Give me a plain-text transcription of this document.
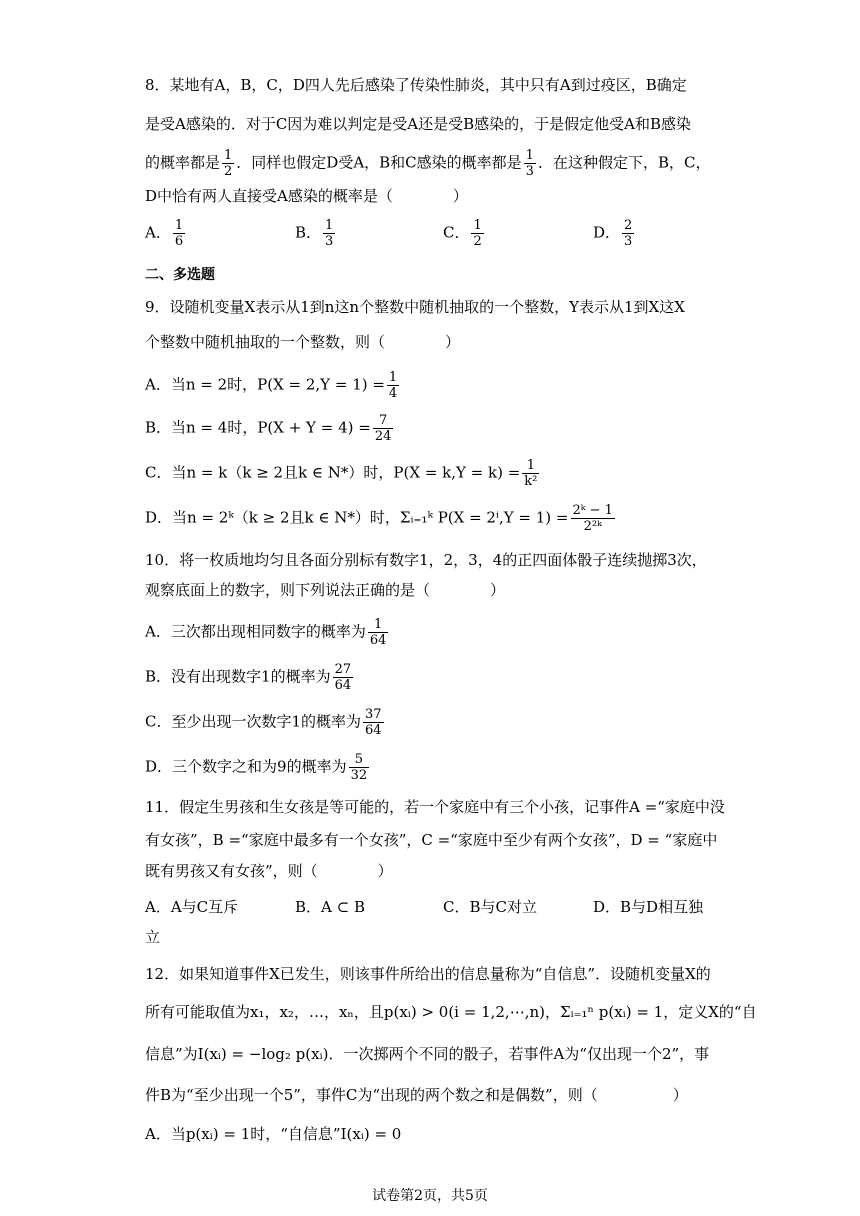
8．某地有A，B，C，D四人先后感染了传染性肺炎，其中只有A到过疫区，B确定
是受A感染的．对于C因为难以判定是受A还是受B感染的，于是假定他受A和B感染
的概率都是 $\frac{1}{2}$ ．同样也假定D受A，B和C感染的概率都是 $\frac{1}{3}$ ．在这种假定下，B，C，
D中恰有两人直接受A感染的概率是（　　　　）
A． $\frac{1}{6}$	B． $\frac{1}{3}$	C． $\frac{1}{2}$	D． $\frac{2}{3}$
二、多选题
9．设随机变量X表示从1到n这n个整数中随机抽取的一个整数，Y表示从1到X这X
个整数中随机抽取的一个整数，则（　　　　）
A．当n = 2时，$P(X = 2,Y = 1) = \frac{1}{4}$
B．当n = 4时，$P(X + Y = 4) = \frac{7}{24}$
C．当n = k（k ≥ 2且k ∈ N*）时，$P(X = k,Y = k) = \frac{1}{\text{k²}}$
D．当n = 2ᵏ（k ≥ 2且k ∈ N*）时，Σᵢ₌₁ᵏ $P(X = 2^i,Y = 1) = \frac{\text{2ᵏ − 1}}{\text{2²ᵏ}}$
10．将一枚质地均匀且各面分别标有数字1，2，3，4的正四面体骰子连续抛掷3次，
观察底面上的数字，则下列说法正确的是（　　　　）
A．三次都出现相同数字的概率为 $\frac{1}{64}$
B．没有出现数字1的概率为 $\frac{27}{64}$
C．至少出现一次数字1的概率为 $\frac{37}{64}$
D．三个数字之和为9的概率为 $\frac{5}{32}$
11．假定生男孩和生女孩是等可能的，若一个家庭中有三个小孩，记事件A =“家庭中没
有女孩”，B =“家庭中最多有一个女孩”，C =“家庭中至少有两个女孩”，D = “家庭中
既有男孩又有女孩”，则（　　　　）
A．A与C互斥	B．A ⊂ B	C．B与C对立	D．B与D相互独
立
12．如果知道事件X已发生，则该事件所给出的信息量称为“自信息”．设随机变量X的
所有可能取值为x₁，x₂，…，xₙ，且p(xᵢ) > 0(i = 1,2,⋯,n)，Σᵢ₌₁ⁿ p(xᵢ) = 1，定义X的“自
信息”为I(xᵢ) = −log₂ p(xᵢ)．一次掷两个不同的骰子，若事件A为“仅出现一个2”，事
件B为“至少出现一个5”，事件C为“出现的两个数之和是偶数”，则（　　　　　）
A．当p(xᵢ) = 1时，“自信息”I(xᵢ) = 0
试卷第2页，共5页
